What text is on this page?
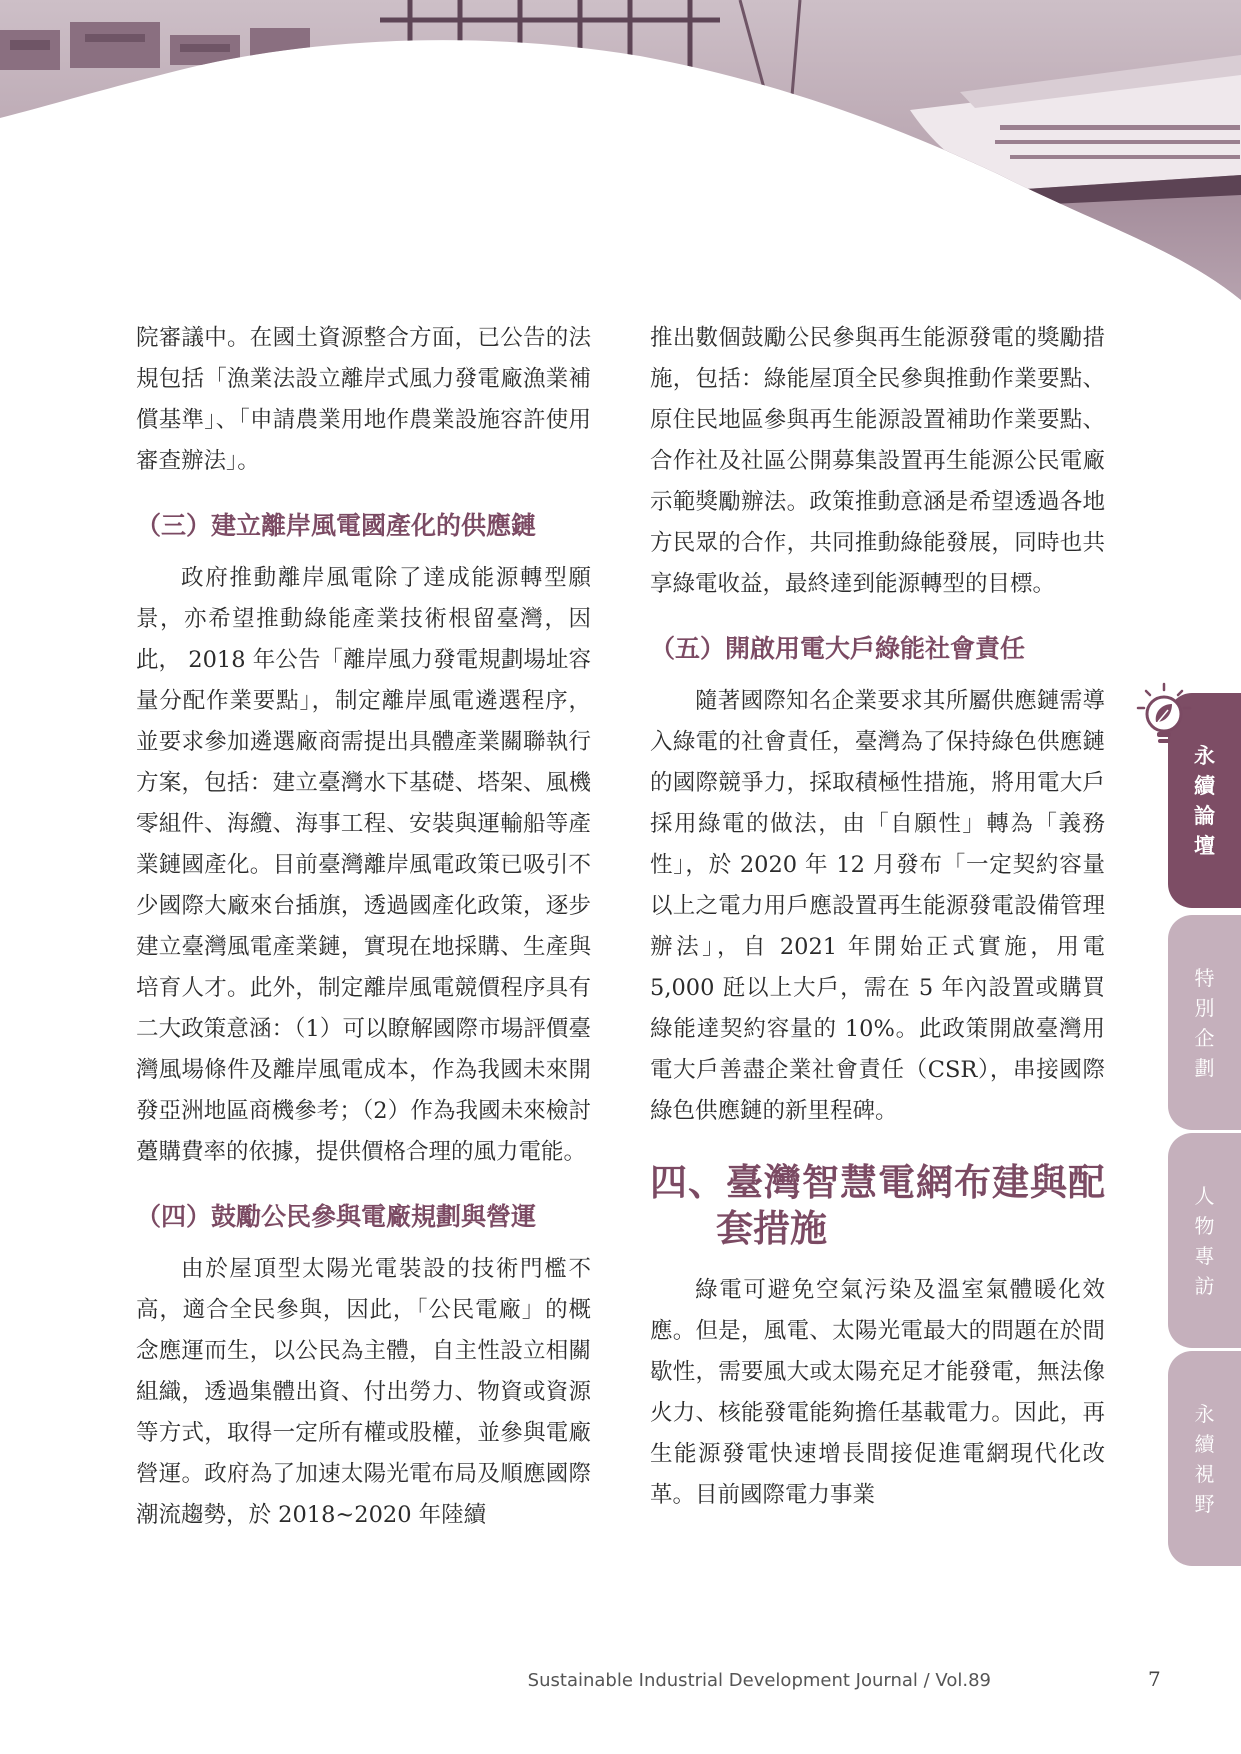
院審議中。在國土資源整合方面，已公告的法規包括「漁業法設立離岸式風力發電廠漁業補償基準」、「申請農業用地作農業設施容許使用審查辦法」。

（三）建立離岸風電國產化的供應鏈

政府推動離岸風電除了達成能源轉型願景，亦希望推動綠能產業技術根留臺灣，因此， 2018 年公告「離岸風力發電規劃場址容量分配作業要點」，制定離岸風電遴選程序，並要求參加遴選廠商需提出具體產業關聯執行方案，包括：建立臺灣水下基礎、塔架、風機零組件、海纜、海事工程、安裝與運輸船等產業鏈國產化。目前臺灣離岸風電政策已吸引不少國際大廠來台插旗，透過國產化政策，逐步建立臺灣風電產業鏈，實現在地採購、生產與培育人才。此外，制定離岸風電競價程序具有二大政策意涵：（1）可以瞭解國際市場評價臺灣風場條件及離岸風電成本，作為我國未來開發亞洲地區商機參考；（2）作為我國未來檢討躉購費率的依據，提供價格合理的風力電能。

（四）鼓勵公民參與電廠規劃與營運

由於屋頂型太陽光電裝設的技術門檻不高，適合全民參與，因此，「公民電廠」的概念應運而生，以公民為主體，自主性設立相關組織，透過集體出資、付出勞力、物資或資源等方式，取得一定所有權或股權，並參與電廠營運。政府為了加速太陽光電布局及順應國際潮流趨勢，於 2018~2020 年陸續

推出數個鼓勵公民參與再生能源發電的獎勵措施，包括：綠能屋頂全民參與推動作業要點、原住民地區參與再生能源設置補助作業要點、合作社及社區公開募集設置再生能源公民電廠示範獎勵辦法。政策推動意涵是希望透過各地方民眾的合作，共同推動綠能發展，同時也共享綠電收益，最終達到能源轉型的目標。

（五）開啟用電大戶綠能社會責任

隨著國際知名企業要求其所屬供應鏈需導入綠電的社會責任，臺灣為了保持綠色供應鏈的國際競爭力，採取積極性措施，將用電大戶採用綠電的做法，由「自願性」轉為「義務性」，於 2020 年 12 月發布「一定契約容量以上之電力用戶應設置再生能源發電設備管理辦法」，自 2021 年開始正式實施，用電 5,000 瓩以上大戶，需在 5 年內設置或購買綠能達契約容量的 10%。此政策開啟臺灣用電大戶善盡企業社會責任（CSR），串接國際綠色供應鏈的新里程碑。

四、臺灣智慧電網布建與配套措施

綠電可避免空氣污染及溫室氣體暖化效應。但是，風電、太陽光電最大的問題在於間歇性，需要風大或太陽充足才能發電，無法像火力、核能發電能夠擔任基載電力。因此，再生能源發電快速增長間接促進電網現代化改革。目前國際電力事業

永續論壇
特別企劃
人物專訪
永續視野
Sustainable Industrial Development Journal / Vol.89	7
